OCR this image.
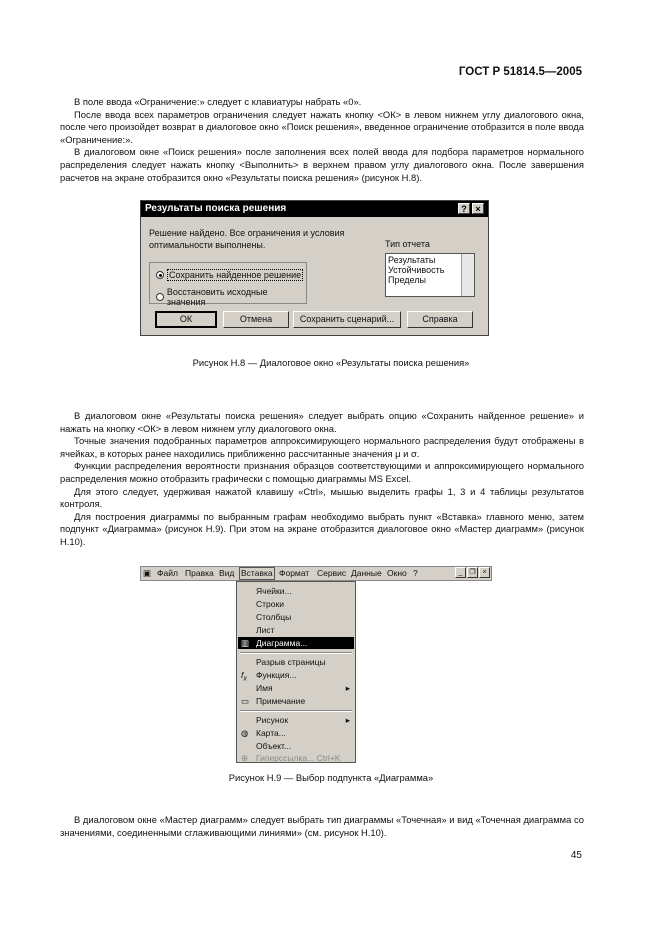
ГОСТ Р 51814.5—2005

В поле ввода «Ограничение:» следует с клавиатуры набрать «0».

После ввода всех параметров ограничения следует нажать кнопку <ОК> в левом нижнем углу диалогового окна, после чего произойдет возврат в диалоговое окно «Поиск решения», введенное ограничение отобразится в поле ввода «Ограничение:».

В диалоговом окне «Поиск решения» после заполнения всех полей ввода для подбора параметров нормального распределения следует нажать кнопку <Выполнить> в верхнем правом углу диалогового окна. После завершения расчетов на экране отобразится окно «Результаты поиска решения» (рисунок Н.8).

Результаты поиска решения	? ×
Решение найдено. Все ограничения и условия оптимальности выполнены.	Тип отчета
Результаты
Устойчивость
Пределы
Сохранить найденное решение
Восстановить исходные значения
ОК	Отмена	Сохранить сценарий...	Справка
Рисунок Н.8 — Диалоговое окно «Результаты поиска решения»

В диалоговом окне «Результаты поиска решения» следует выбрать опцию «Сохранить найденное решение» и нажать на кнопку <ОК> в левом нижнем углу диалогового окна.

Точные значения подобранных параметров аппроксимирующего нормального распределения будут отображены в ячейках, в которых ранее находились приближенно рассчитанные значения μ и σ.

Функции распределения вероятности признания образцов соответствующими и аппроксимирующего нормального распределения можно отобразить графически с помощью диаграммы MS Excel.

Для этого следует, удерживая нажатой клавишу «Ctrl», мышью выделить графы 1, 3 и 4 таблицы результатов контроля.

Для построения диаграммы по выбранным графам необходимо выбрать пункт «Вставка» главного меню, затем подпункт «Диаграмма» (рисунок Н.9). При этом на экране отобразится диалоговое окно «Мастер диаграмм» (рисунок Н.10).

▣ Файл Правка Вид Вставка Формат Сервис Данные Окно ?	_ ❐ ×
Ячейки...
Строки
Столбцы
Лист
▥ Диаграмма...
Разрыв страницы
$f_x$ Функция...
Имя	▸
▭ Примечание
Рисунок	▸
◍ Карта...
Объект...
⊕ Гиперссылка... Ctrl+K
Рисунок Н.9 — Выбор подпункта «Диаграмма»

В диалоговом окне «Мастер диаграмм» следует выбрать тип диаграммы «Точечная» и вид «Точечная диаграмма со значениями, соединенными сглаживающими линиями» (см. рисунок Н.10).

45
